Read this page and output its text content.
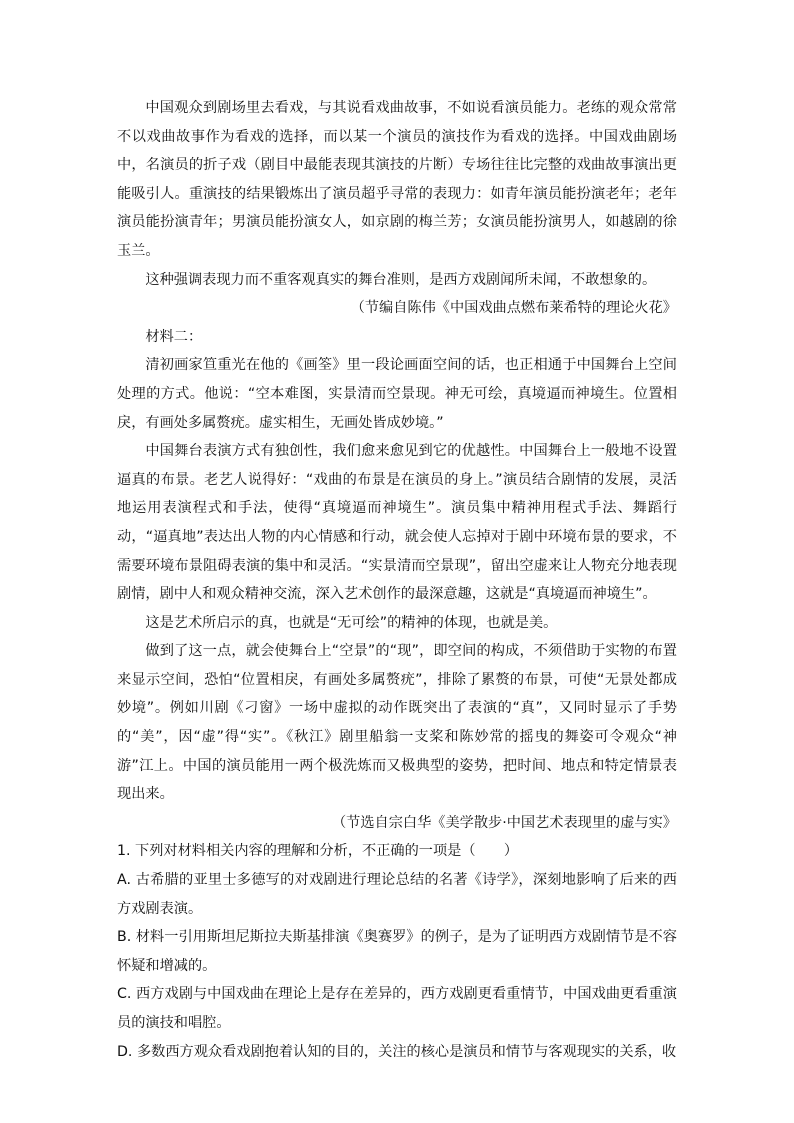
中国观众到剧场里去看戏，与其说看戏曲故事，不如说看演员能力。老练的观众常常不以戏曲故事作为看戏的选择，而以某一个演员的演技作为看戏的选择。中国戏曲剧场中，名演员的折子戏（剧目中最能表现其演技的片断）专场往往比完整的戏曲故事演出更能吸引人。重演技的结果锻炼出了演员超乎寻常的表现力：如青年演员能扮演老年；老年演员能扮演青年；男演员能扮演女人，如京剧的梅兰芳；女演员能扮演男人，如越剧的徐玉兰。

这种强调表现力而不重客观真实的舞台准则，是西方戏剧闻所未闻，不敢想象的。

（节编自陈伟《中国戏曲点燃布莱希特的理论火花》

材料二：

清初画家笪重光在他的《画筌》里一段论画面空间的话，也正相通于中国舞台上空间处理的方式。他说：“空本难图，实景清而空景现。神无可绘，真境逼而神境生。位置相戾，有画处多属赘疣。虚实相生，无画处皆成妙境。”

中国舞台表演方式有独创性，我们愈来愈见到它的优越性。中国舞台上一般地不设置逼真的布景。老艺人说得好：“戏曲的布景是在演员的身上。”演员结合剧情的发展，灵活地运用表演程式和手法，使得“真境逼而神境生”。演员集中精神用程式手法、舞蹈行动，“逼真地”表达出人物的内心情感和行动，就会使人忘掉对于剧中环境布景的要求，不需要环境布景阻碍表演的集中和灵活。“实景清而空景现”，留出空虚来让人物充分地表现剧情，剧中人和观众精神交流，深入艺术创作的最深意趣，这就是“真境逼而神境生”。

这是艺术所启示的真，也就是“无可绘”的精神的体现，也就是美。

做到了这一点，就会使舞台上“空景”的“现”，即空间的构成，不须借助于实物的布置来显示空间，恐怕“位置相戾，有画处多属赘疣”，排除了累赘的布景，可使“无景处都成妙境”。例如川剧《刁窗》一场中虚拟的动作既突出了表演的“真”，又同时显示了手势的“美”，因“虚”得“实”。《秋江》剧里船翁一支桨和陈妙常的摇曳的舞姿可令观众“神游”江上。中国的演员能用一两个极洗炼而又极典型的姿势，把时间、地点和特定情景表现出来。

（节选自宗白华《美学散步·中国艺术表现里的虚与实》

1. 下列对材料相关内容的理解和分析，不正确的一项是（　　）

A. 古希腊的亚里士多德写的对戏剧进行理论总结的名著《诗学》，深刻地影响了后来的西方戏剧表演。

B. 材料一引用斯坦尼斯拉夫斯基排演《奥赛罗》的例子，是为了证明西方戏剧情节是不容怀疑和增减的。

C. 西方戏剧与中国戏曲在理论上是存在差异的，西方戏剧更看重情节，中国戏曲更看重演员的演技和唱腔。

D. 多数西方观众看戏剧抱着认知的目的，关注的核心是演员和情节与客观现实的关系，收
